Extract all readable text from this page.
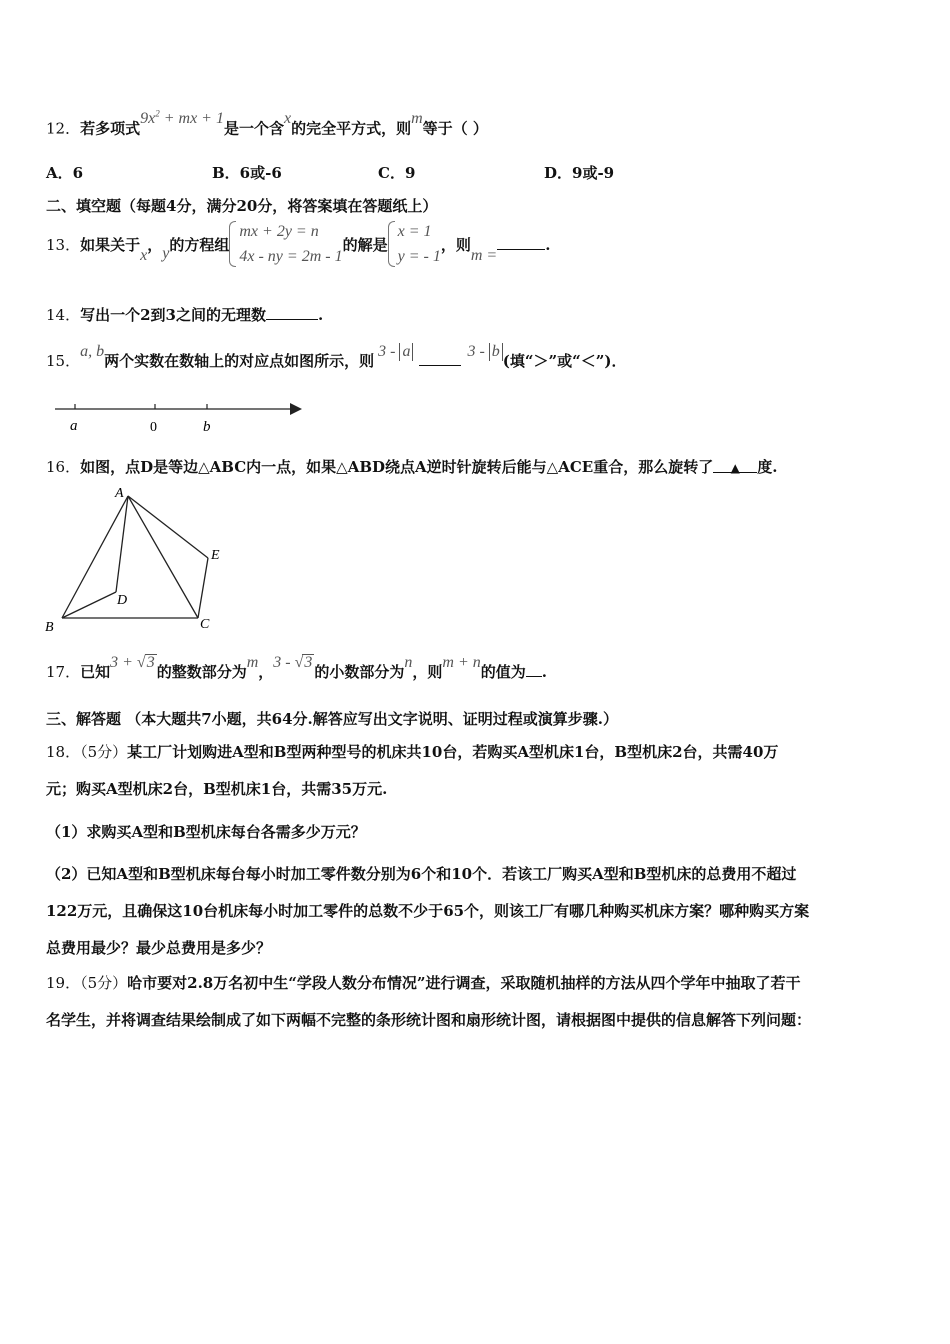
12．若多项式$9x^2$ + mx + 1是一个含x的完全平方式，则m等于（ ）
A．6	B．6或-6	C．9	D．9或-9
二、填空题（每题4分，满分20分，将答案填在答题纸上）
13．如果关于x，y的方程组
mx + 2y = n
4x - ny = 2m - 1
的解是
x = 1
y = - 1
，则m =.
14．写出一个2到3之间的无理数	.
15．a, b两个实数在数轴上的对应点如图所示，则3 - a	3 - b(填“＞”或“＜”)．
a	0	b
16．如图，点D是等边△ABC内一点，如果△ABD绕点A逆时针旋转后能与△ACE重合，那么旋转了 ▲ 度.
A
B	C
D
E
17．已知3 + √3的整数部分为m，3 - √3的小数部分为n，则m + n的值为 .
三、解答题 （本大题共7小题，共64分.解答应写出文字说明、证明过程或演算步骤.）
18．（5分）某工厂计划购进A型和B型两种型号的机床共10台，若购买A型机床1台，B型机床2台，共需40万
元；购买A型机床2台，B型机床1台，共需35万元.
（1）求购买A型和B型机床每台各需多少万元？
（2）已知A型和B型机床每台每小时加工零件数分别为6个和10个．若该工厂购买A型和B型机床的总费用不超过
122万元，且确保这10台机床每小时加工零件的总数不少于65个，则该工厂有哪几种购买机床方案？哪种购买方案
总费用最少？最少总费用是多少？
19．（5分）哈市要对2.8万名初中生“学段人数分布情况”进行调查，采取随机抽样的方法从四个学年中抽取了若干
名学生，并将调查结果绘制成了如下两幅不完整的条形统计图和扇形统计图，请根据图中提供的信息解答下列问题：
